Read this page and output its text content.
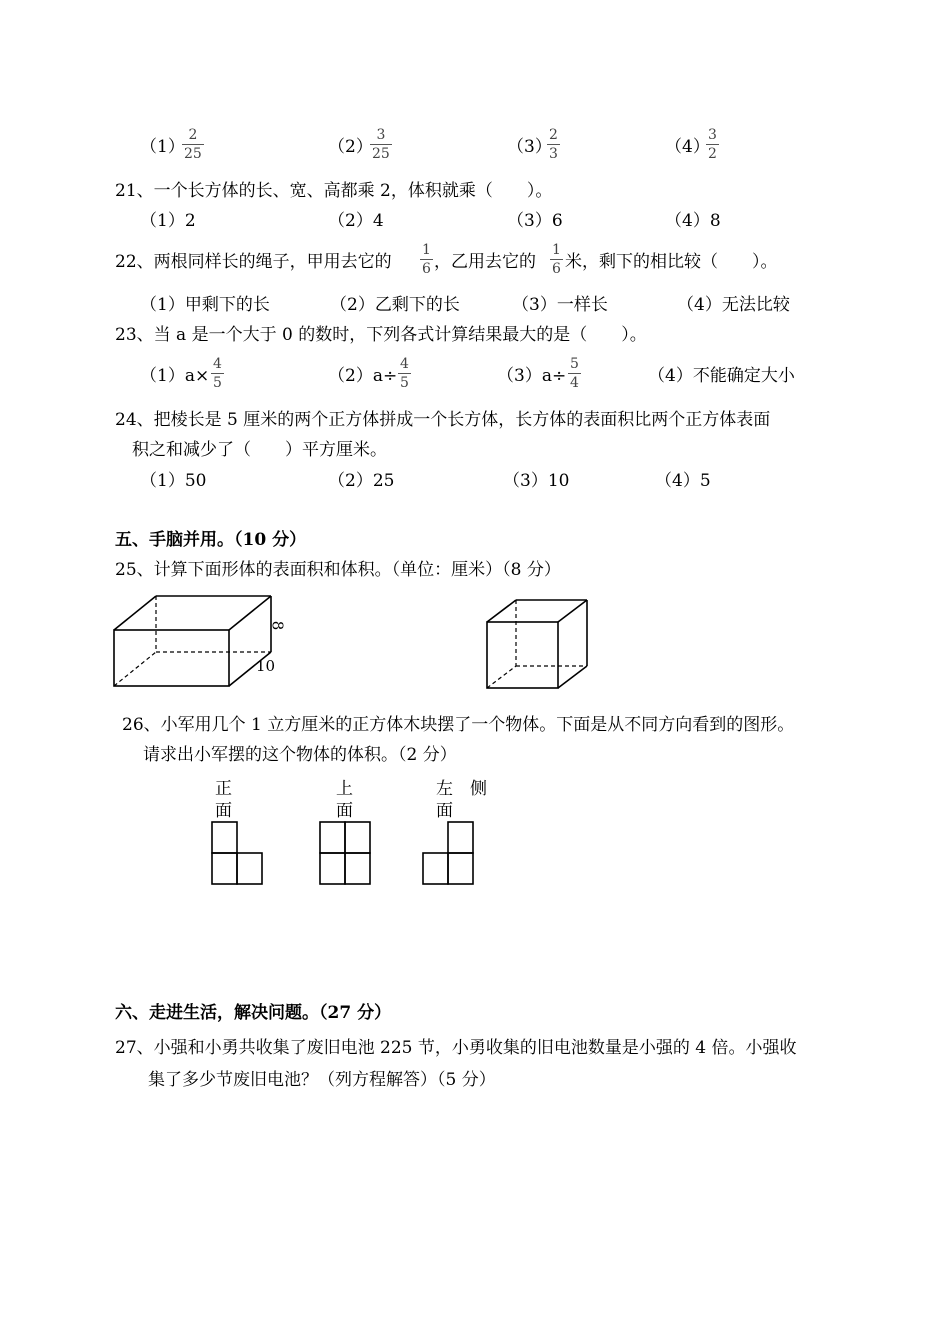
（1）
2
25	（2）
3
25	（3）
2
3	（4）
3
2
21、一个长方体的长、宽、高都乘 2，体积就乘（　　）。
（1）2	（2）4	（3）6	（4）8
22、两根同样长的绳子，甲用去它的
1
6 ，乙用去它的
1
6 米，剩下的相比较（　　）。
（1）甲剩下的长	（2）乙剩下的长	（3）一样长	（4）无法比较
23、当 a 是一个大于 0 的数时，下列各式计算结果最大的是（　　）。
（1）a×
4
5	（2）a÷
4
5	（3）a÷
5
4	（4）不能确定大小
24、把棱长是 5 厘米的两个正方体拼成一个长方体，长方体的表面积比两个正方体表面
积之和减少了（　　）平方厘米。
（1）50	（2）25	（3）10	（4）5
五、手脑并用。（10 分）
25、计算下面形体的表面积和体积。（单位：厘米）（8 分）
8
10
26、小军用几个 1 立方厘米的正方体木块摆了一个物体。下面是从不同方向看到的图形。
请求出小军摆的这个物体的体积。（2 分）
正
面
上
面
左　侧
面
六、走进生活，解决问题。（27 分）
27、小强和小勇共收集了废旧电池 225 节，小勇收集的旧电池数量是小强的 4 倍。小强收
集了多少节废旧电池？（列方程解答）（5 分）
